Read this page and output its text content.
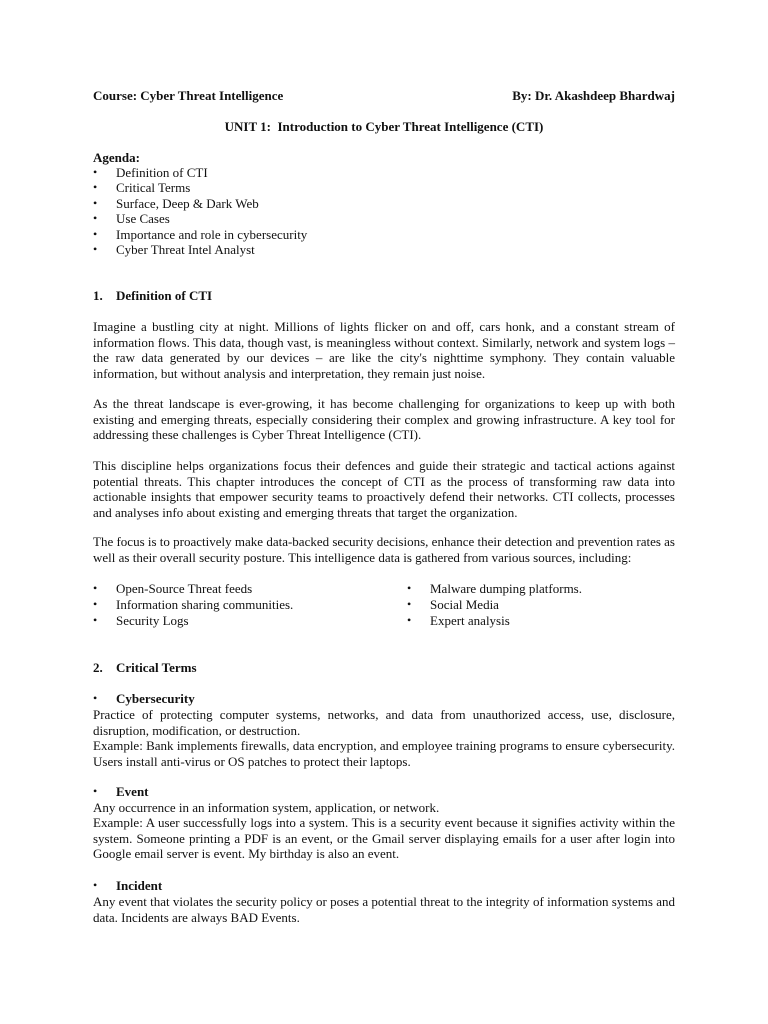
Course: Cyber Threat Intelligence	By: Dr. Akashdeep Bhardwaj
UNIT 1:  Introduction to Cyber Threat Intelligence (CTI)
Agenda:
• Definition of CTI
• Critical Terms
• Surface, Deep & Dark Web
• Use Cases
• Importance and role in cybersecurity
• Cyber Threat Intel Analyst
1. Definition of CTI

Imagine a bustling city at night. Millions of lights flicker on and off, cars honk, and a constant stream of information flows. This data, though vast, is meaningless without context. Similarly, network and system logs – the raw data generated by our devices – are like the city's nighttime symphony. They contain valuable information, but without analysis and interpretation, they remain just noise.

As the threat landscape is ever-growing, it has become challenging for organizations to keep up with both existing and emerging threats, especially considering their complex and growing infrastructure. A key tool for addressing these challenges is Cyber Threat Intelligence (CTI).

This discipline helps organizations focus their defences and guide their strategic and tactical actions against potential threats. This chapter introduces the concept of CTI as the process of transforming raw data into actionable insights that empower security teams to proactively defend their networks. CTI collects, processes and analyses info about existing and emerging threats that target the organization.

The focus is to proactively make data-backed security decisions, enhance their detection and prevention rates as well as their overall security posture. This intelligence data is gathered from various sources, including:

• Open-Source Threat feeds
• Information sharing communities.
• Security Logs
• Malware dumping platforms.
• Social Media
• Expert analysis
2. Critical Terms
• Cybersecurity

Practice of protecting computer systems, networks, and data from unauthorized access, use, disclosure, disruption, modification, or destruction.

Example: Bank implements firewalls, data encryption, and employee training programs to ensure cybersecurity. Users install anti-virus or OS patches to protect their laptops.

• Event

Any occurrence in an information system, application, or network.

Example: A user successfully logs into a system. This is a security event because it signifies activity within the system. Someone printing a PDF is an event, or the Gmail server displaying emails for a user after login into Google email server is event. My birthday is also an event.

• Incident

Any event that violates the security policy or poses a potential threat to the integrity of information systems and data. Incidents are always BAD Events.
